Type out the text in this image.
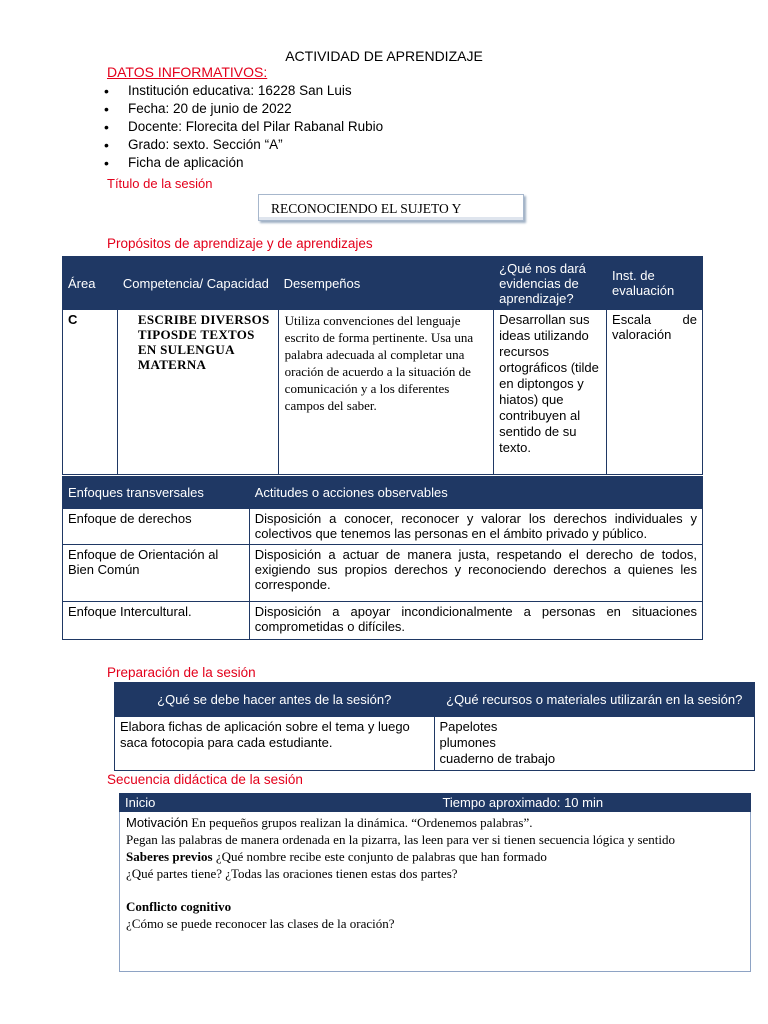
ACTIVIDAD DE APRENDIZAJE
DATOS INFORMATIVOS:
• Institución educativa: 16228 San Luis
• Fecha: 20 de junio de 2022
• Docente: Florecita del Pilar Rabanal Rubio
• Grado: sexto. Sección “A”
• Ficha de aplicación
Título de la sesión
RECONOCIENDO EL SUJETO Y
Propósitos de aprendizaje y de aprendizajes
Área	Competencia/ Capacidad	Desempeños	¿Qué nos dará evidencias de aprendizaje?	Inst. de evaluación
C	ESCRIBE DIVERSOS TIPOSDE TEXTOS EN SULENGUA MATERNA	Utiliza convenciones del lenguaje escrito de forma pertinente. Usa una palabra adecuada al completar una oración de acuerdo a la situación de comunicación y a los diferentes campos del saber.	Desarrollan sus ideas utilizando recursos ortográficos (tilde en diptongos y hiatos) que contribuyen al sentido de su texto.	Escala de valoración
Enfoques transversales	Actitudes o acciones observables
Enfoque de derechos	Disposición a conocer, reconocer y valorar los derechos individuales y colectivos que tenemos las personas en el ámbito privado y público.
Enfoque de Orientación al Bien Común	Disposición a actuar de manera justa, respetando el derecho de todos, exigiendo sus propios derechos y reconociendo derechos a quienes les corresponde.
Enfoque Intercultural.	Disposición a apoyar incondicionalmente a personas en situaciones comprometidas o difíciles.
Preparación de la sesión
¿Qué se debe hacer antes de la sesión?	¿Qué recursos o materiales utilizarán en la sesión?
Elabora fichas de aplicación sobre el tema y luego saca fotocopia para cada estudiante.	Papelotes
plumones
cuaderno de trabajo
Secuencia didáctica de la sesión
Inicio	Tiempo aproximado: 10 min

Motivación En pequeños grupos realizan la dinámica. “Ordenemos palabras”.
Pegan las palabras de manera ordenada en la pizarra, las leen para ver si tienen secuencia lógica y sentido
Saberes previos ¿Qué nombre recibe este conjunto de palabras que han formado
¿Qué partes tiene? ¿Todas las oraciones tienen estas dos partes?
Conflicto cognitivo
¿Cómo se puede reconocer las clases de la oración?
